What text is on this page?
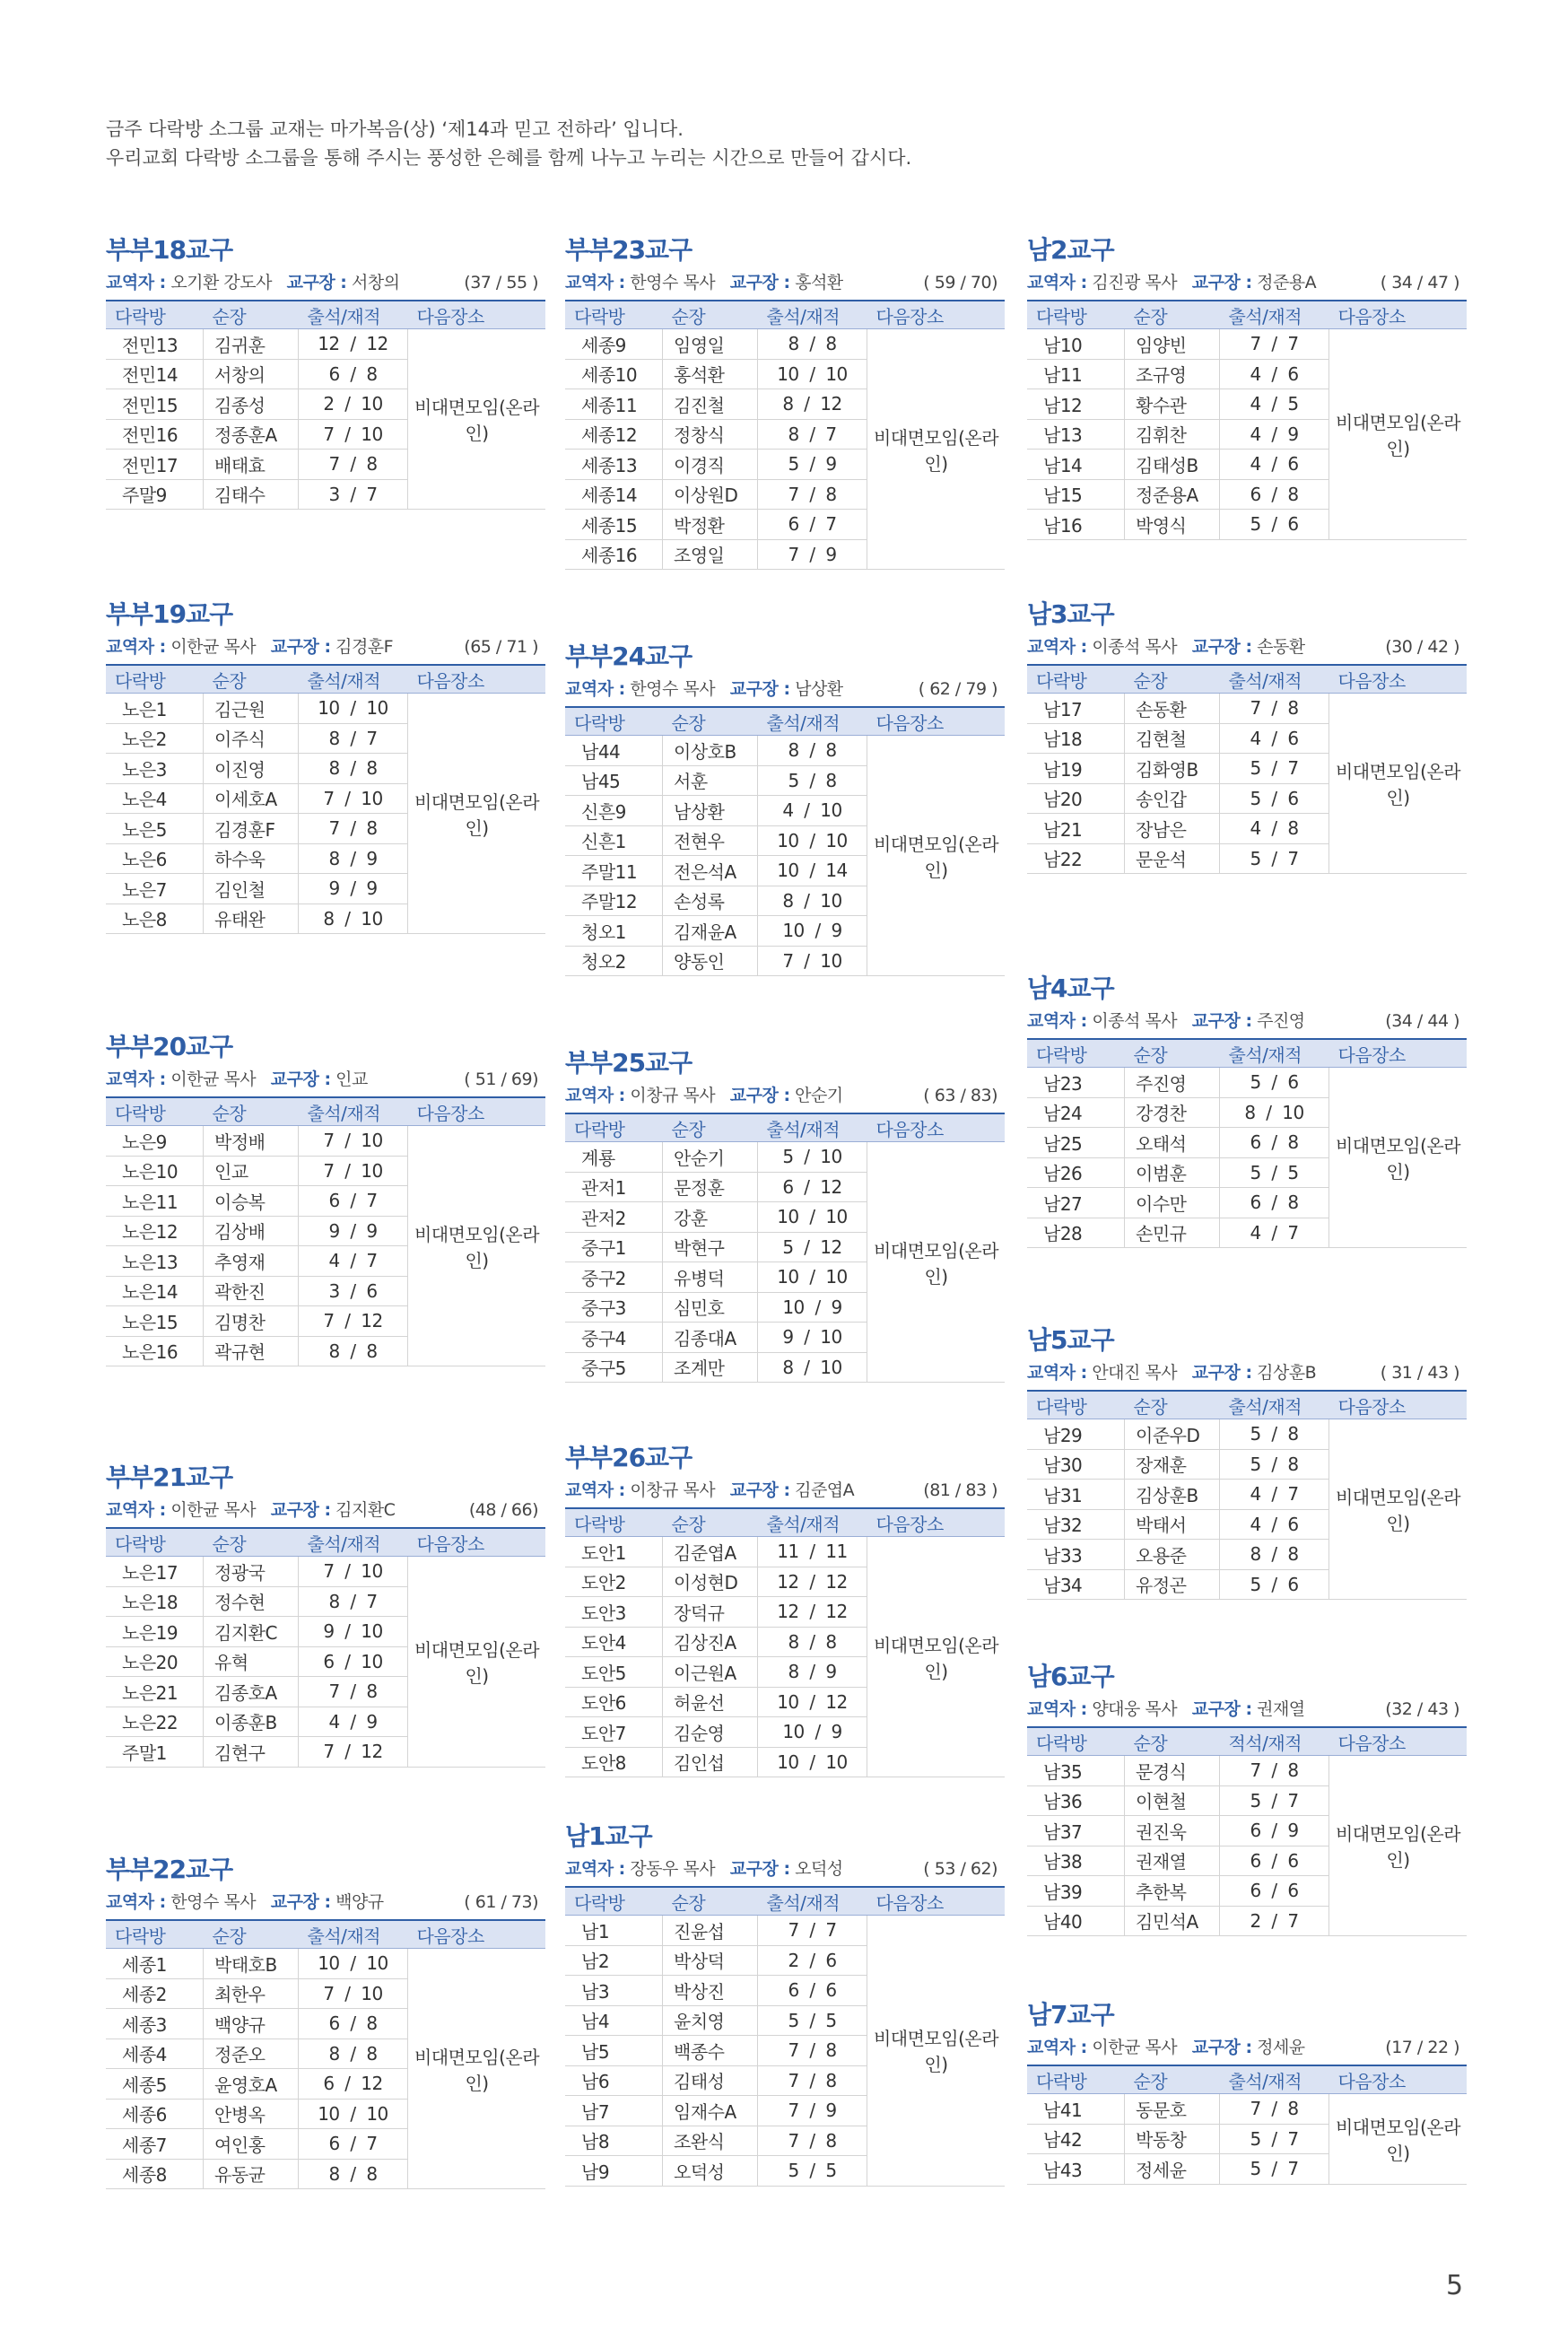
금주 다락방 소그룹 교재는 마가복음(상) ‘제14과 믿고 전하라’ 입니다.
우리교회 다락방 소그룹을 통해 주시는 풍성한 은혜를 함께 나누고 누리는 시간으로 만들어 갑시다.
부부18교구
교역자 : 오기환 강도사 교구장 : 서창의	(37 / 55 )
다락방	순장	출석/재적	다음장소
전민13	김귀훈	12  /  12	비대면모임(온라인)
전민14	서창의	6  /  8	
전민15	김종성	2  /  10	
전민16	정종훈A	7  /  10	
전민17	배태효	7  /  8	
주말9	김태수	3  /  7	
부부19교구
교역자 : 이한균 목사 교구장 : 김경훈F	(65 / 71 )
다락방	순장	출석/재적	다음장소
노은1	김근원	10  /  10	비대면모임(온라인)
노은2	이주식	8  /  7	
노은3	이진영	8  /  8	
노은4	이세호A	7  /  10	
노은5	김경훈F	7  /  8	
노은6	하수욱	8  /  9	
노은7	김인철	9  /  9	
노은8	유태완	8  /  10	
부부20교구
교역자 : 이한균 목사 교구장 : 인교	( 51 / 69)
다락방	순장	출석/재적	다음장소
노은9	박정배	7  /  10	비대면모임(온라인)
노은10	인교	7  /  10	
노은11	이승복	6  /  7	
노은12	김상배	9  /  9	
노은13	추영재	4  /  7	
노은14	곽한진	3  /  6	
노은15	김명찬	7  /  12	
노은16	곽규현	8  /  8	
부부21교구
교역자 : 이한균 목사 교구장 : 김지환C	(48 / 66)
다락방	순장	출석/재적	다음장소
노은17	정광국	7  /  10	비대면모임(온라인)
노은18	정수현	8  /  7	
노은19	김지환C	9  /  10	
노은20	유혁	6  /  10	
노은21	김종호A	7  /  8	
노은22	이종훈B	4  /  9	
주말1	김현구	7  /  12	
부부22교구
교역자 : 한영수 목사 교구장 : 백양규	( 61 / 73)
다락방	순장	출석/재적	다음장소
세종1	박태호B	10  /  10	비대면모임(온라인)
세종2	최한우	7  /  10	
세종3	백양규	6  /  8	
세종4	정준오	8  /  8	
세종5	윤영호A	6  /  12	
세종6	안병옥	10  /  10	
세종7	여인홍	6  /  7	
세종8	유동균	8  /  8	
부부23교구
교역자 : 한영수 목사 교구장 : 홍석환	( 59 / 70)
다락방	순장	출석/재적	다음장소
세종9	임영일	8  /  8	비대면모임(온라인)
세종10	홍석환	10  /  10	
세종11	김진철	8  /  12	
세종12	정창식	8  /  7	
세종13	이경직	5  /  9	
세종14	이상원D	7  /  8	
세종15	박정환	6  /  7	
세종16	조영일	7  /  9	
부부24교구
교역자 : 한영수 목사 교구장 : 남상환	( 62 / 79 )
다락방	순장	출석/재적	다음장소
남44	이상호B	8  /  8	비대면모임(온라인)
남45	서훈	5  /  8	
신흔9	남상환	4  /  10	
신흔1	전현우	10  /  10	
주말11	전은석A	10  /  14	
주말12	손성록	8  /  10	
청오1	김재윤A	10  /  9	
청오2	양동인	7  /  10	
부부25교구
교역자 : 이창규 목사 교구장 : 안순기	( 63 / 83)
다락방	순장	출석/재적	다음장소
계룡	안순기	5  /  10	비대면모임(온라인)
관저1	문정훈	6  /  12	
관저2	강훈	10  /  10	
중구1	박현구	5  /  12	
중구2	유병덕	10  /  10	
중구3	심민호	10  /  9	
중구4	김종대A	9  /  10	
중구5	조계만	8  /  10	
부부26교구
교역자 : 이창규 목사 교구장 : 김준엽A	(81 / 83 )
다락방	순장	출석/재적	다음장소
도안1	김준엽A	11  /  11	비대면모임(온라인)
도안2	이성현D	12  /  12	
도안3	장덕규	12  /  12	
도안4	김상진A	8  /  8	
도안5	이근원A	8  /  9	
도안6	허윤선	10  /  12	
도안7	김순영	10  /  9	
도안8	김인섭	10  /  10	
남1교구
교역자 : 장동우 목사 교구장 : 오덕성	( 53 / 62)
다락방	순장	출석/재적	다음장소
남1	진윤섭	7  /  7	비대면모임(온라인)
남2	박상덕	2  /  6	
남3	박상진	6  /  6	
남4	윤치영	5  /  5	
남5	백종수	7  /  8	
남6	김태성	7  /  8	
남7	임재수A	7  /  9	
남8	조완식	7  /  8	
남9	오덕성	5  /  5	
남2교구
교역자 : 김진광 목사 교구장 : 정준용A	( 34 / 47 )
다락방	순장	출석/재적	다음장소
남10	임양빈	7  /  7	비대면모임(온라인)
남11	조규영	4  /  6	
남12	황수관	4  /  5	
남13	김휘찬	4  /  9	
남14	김태성B	4  /  6	
남15	정준용A	6  /  8	
남16	박영식	5  /  6	
남3교구
교역자 : 이종석 목사 교구장 : 손동환	(30 / 42 )
다락방	순장	출석/재적	다음장소
남17	손동환	7  /  8	비대면모임(온라인)
남18	김현철	4  /  6	
남19	김화영B	5  /  7	
남20	송인갑	5  /  6	
남21	장남은	4  /  8	
남22	문운석	5  /  7	
남4교구
교역자 : 이종석 목사 교구장 : 주진영	(34 / 44 )
다락방	순장	출석/재적	다음장소
남23	주진영	5  /  6	비대면모임(온라인)
남24	강경찬	8  /  10	
남25	오태석	6  /  8	
남26	이범훈	5  /  5	
남27	이수만	6  /  8	
남28	손민규	4  /  7	
남5교구
교역자 : 안대진 목사 교구장 : 김상훈B	( 31 / 43 )
다락방	순장	출석/재적	다음장소
남29	이준우D	5  /  8	비대면모임(온라인)
남30	장재훈	5  /  8	
남31	김상훈B	4  /  7	
남32	박태서	4  /  6	
남33	오용준	8  /  8	
남34	유정곤	5  /  6	
남6교구
교역자 : 양대웅 목사 교구장 : 권재열	(32 / 43 )
다락방	순장	적석/재적	다음장소
남35	문경식	7  /  8	비대면모임(온라인)
남36	이현철	5  /  7	
남37	권진욱	6  /  9	
남38	권재열	6  /  6	
남39	추한복	6  /  6	
남40	김민석A	2  /  7	
남7교구
교역자 : 이한균 목사 교구장 : 정세윤	(17 / 22 )
다락방	순장	출석/재적	다음장소
남41	동문호	7  /  8	비대면모임(온라인)
남42	박동창	5  /  7	
남43	정세윤	5  /  7	
5
